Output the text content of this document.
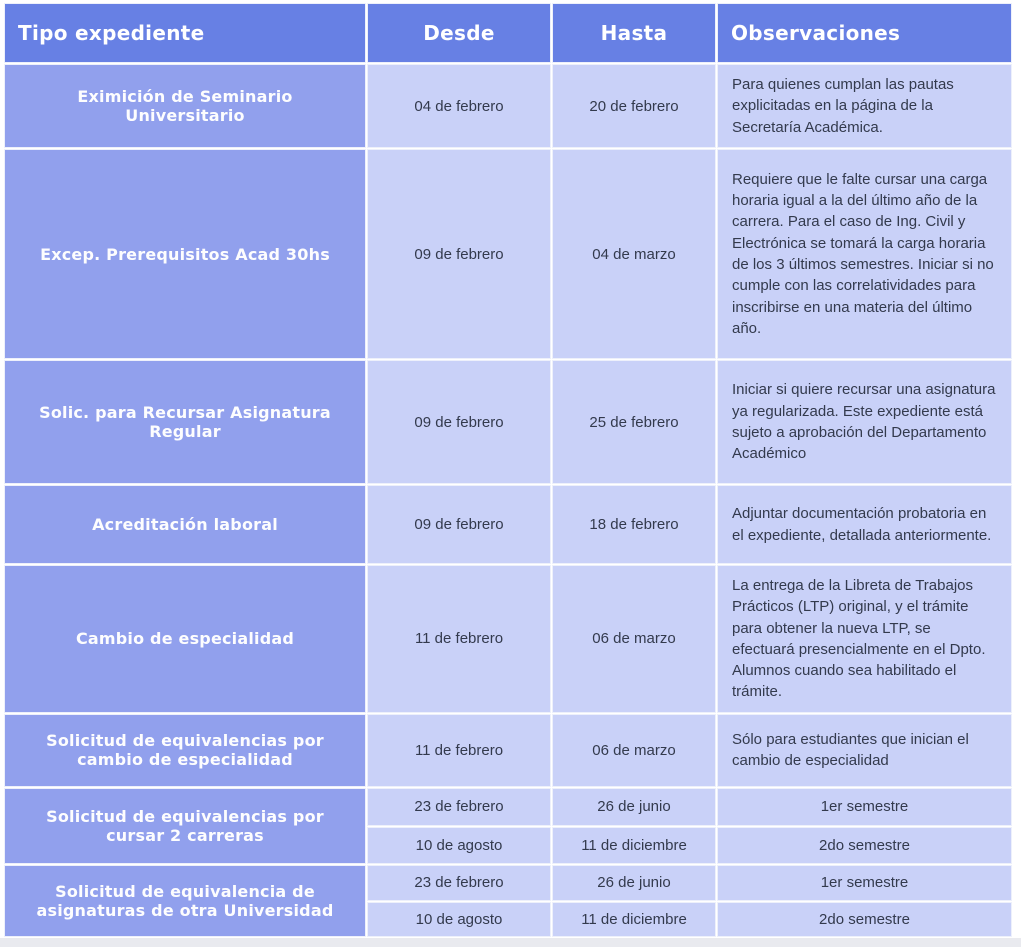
Tipo expediente	Desde	Hasta	Observaciones
Eximición de Seminario Universitario	04 de febrero	20 de febrero	Para quienes cumplan las pautas explicitadas en la página de la Secretaría Académica.
Excep. Prerequisitos Acad 30hs	09 de febrero	04 de marzo	Requiere que le falte cursar una carga horaria igual a la del último año de la carrera. Para el caso de Ing. Civil y Electrónica se tomará la carga horaria de los 3 últimos semestres. Iniciar si no cumple con las correlatividades para inscribirse en una materia del último año.
Solic. para Recursar Asignatura Regular	09 de febrero	25 de febrero	Iniciar si quiere recursar una asignatura ya regularizada. Este expediente está sujeto a aprobación del Departamento Académico
Acreditación laboral	09 de febrero	18 de febrero	Adjuntar documentación probatoria en el expediente, detallada anteriormente.
Cambio de especialidad	11 de febrero	06 de marzo	La entrega de la Libreta de Trabajos Prácticos (LTP) original, y el trámite para obtener la nueva LTP, se efectuará presencialmente en el Dpto. Alumnos cuando sea habilitado el trámite.
Solicitud de equivalencias por cambio de especialidad	11 de febrero	06 de marzo	Sólo para estudiantes que inician el cambio de especialidad
Solicitud de equivalencias por cursar 2 carreras	23 de febrero	26 de junio	1er semestre
	10 de agosto	11 de diciembre	2do semestre
Solicitud de equivalencia de asignaturas de otra Universidad	23 de febrero	26 de junio	1er semestre
	10 de agosto	11 de diciembre	2do semestre
